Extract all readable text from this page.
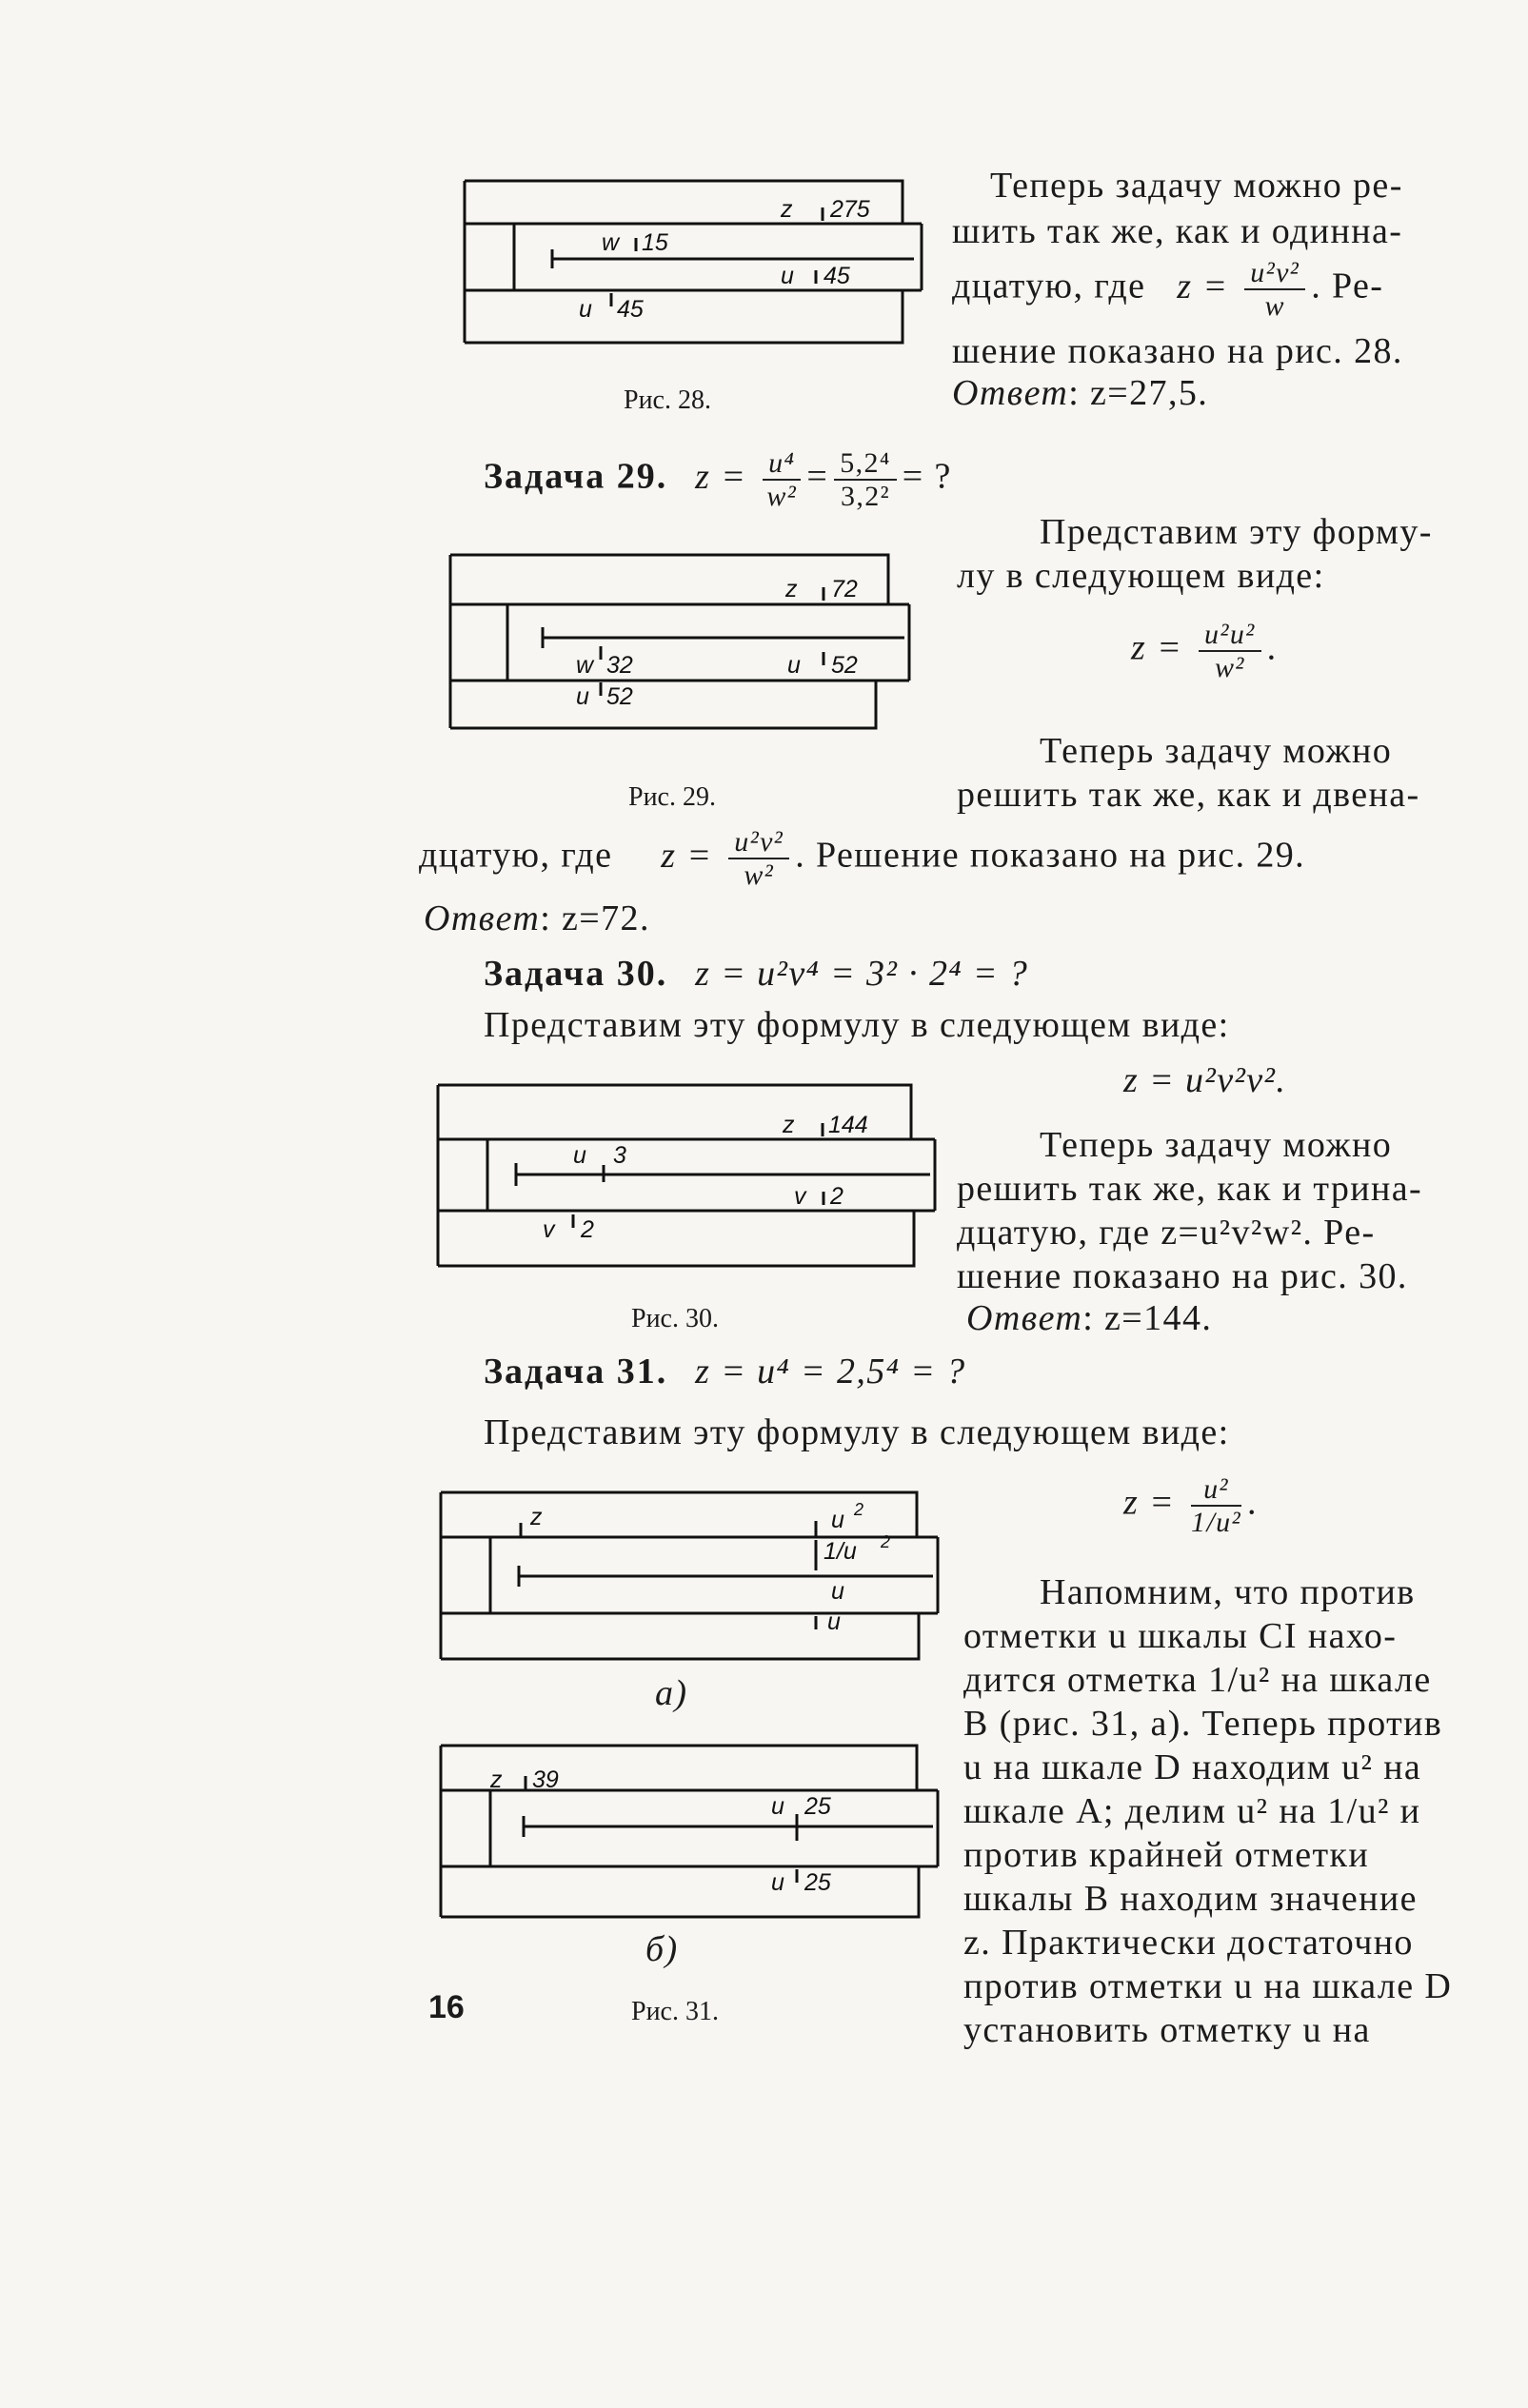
z 275
w 15
u 45
u 45
Рис. 28.
Теперь задачу можно ре-
шить так же, как и одинна-
дцатую, где $z = \frac{\text{u²v²}}{w}$ . Ре-
шение показано на рис. 28.
Ответ: z=27,5.
Задача 29. $z = \frac{\text{u⁴}}{\text{w²}} = \frac{\text{5,2⁴}}{\text{3,2²}}$ = ?
z 72
w 32	u 52
u 52
Рис. 29.
Представим эту форму-
лу в следующем виде:
$z = \frac{\text{u²u²}}{\text{w²}}$ .
Теперь задачу можно
решить так же, как и двена-
дцатую, где $z = \frac{\text{u²v²}}{\text{w²}}$ . Решение показано на рис. 29.
Ответ: z=72.
Задача 30. z = u²v⁴ = 3² · 2⁴ = ?
Представим эту формулу в следующем виде:
z = u²v²v².
z 144
u 3
v 2
v 2
Рис. 30.
Теперь задачу можно
решить так же, как и трина-
дцатую, где z=u²v²w². Ре-
шение показано на рис. 30.
Ответ: z=144.
Задача 31. z = u⁴ = 2,5⁴ = ?
Представим эту формулу в следующем виде:
$z = \frac{\text{u²}}{\text{1/u²}}$ .
z	u 2
1/u 2
u
u
а)
z 39
u 25
u 25
б)
Рис. 31.
Напомним, что против
отметки u шкалы CI нахо-
дится отметка 1/u² на шкале
B (рис. 31, а). Теперь против
u на шкале D находим u² на
шкале A; делим u² на 1/u² и
против крайней отметки
шкалы B находим значение
z. Практически достаточно
против отметки u на шкале D
установить отметку u на
16
